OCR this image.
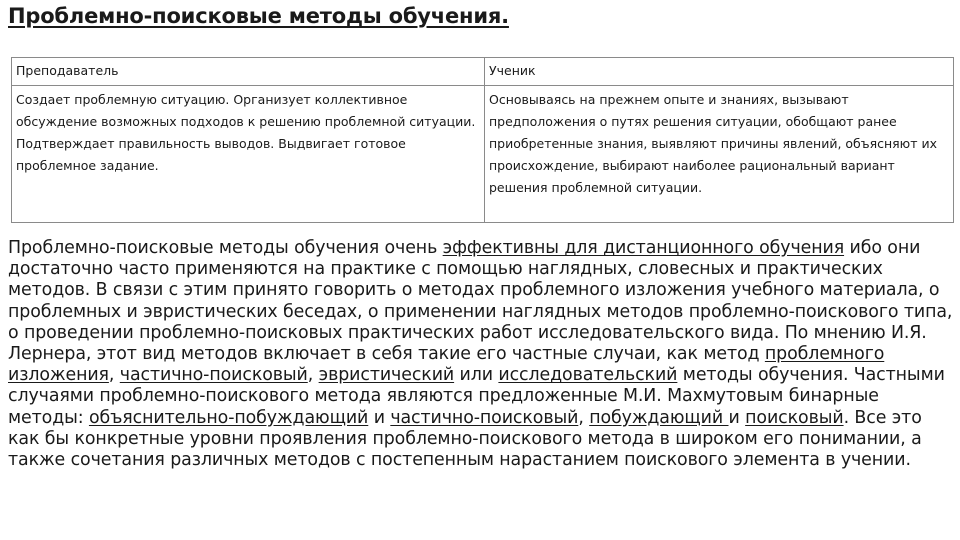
Проблемно-поисковые методы обучения.
Преподаватель	Ученик
Создает проблемную ситуацию. Организует коллективное обсуждение возможных подходов к решению проблемной ситуации. Подтверждает правильность выводов. Выдвигает готовое проблемное задание.	Основываясь на прежнем опыте и знаниях, вызывают предположения о путях решения ситуации, обобщают ранее приобретенные знания, выявляют причины явлений, объясняют их происхождение, выбирают наиболее рациональный вариант решения проблемной ситуации.
Проблемно-поисковые методы обучения очень эффективны для дистанционного обучения ибо они достаточно часто применяются на практике с помощью наглядных, словесных и практических методов. В связи с этим принято говорить о методах проблемного изложения учебного материала, о проблемных и эвристических беседах, о применении наглядных методов проблемно-поискового типа, о проведении проблемно-поисковых практических работ исследовательского вида. По мнению И.Я. Лернера, этот вид методов включает в себя такие его частные случаи, как метод проблемного изложения, частично-поисковый, эвристический или исследовательский методы обучения. Частными случаями проблемно-поискового метода являются предложенные М.И. Махмутовым бинарные методы: объяснительно-побуждающий и частично-поисковый, побуждающий и поисковый. Все это как бы конкретные уровни проявления проблемно-поискового метода в широком его понимании, а также сочетания различных методов с постепенным нарастанием поискового элемента в учении.
